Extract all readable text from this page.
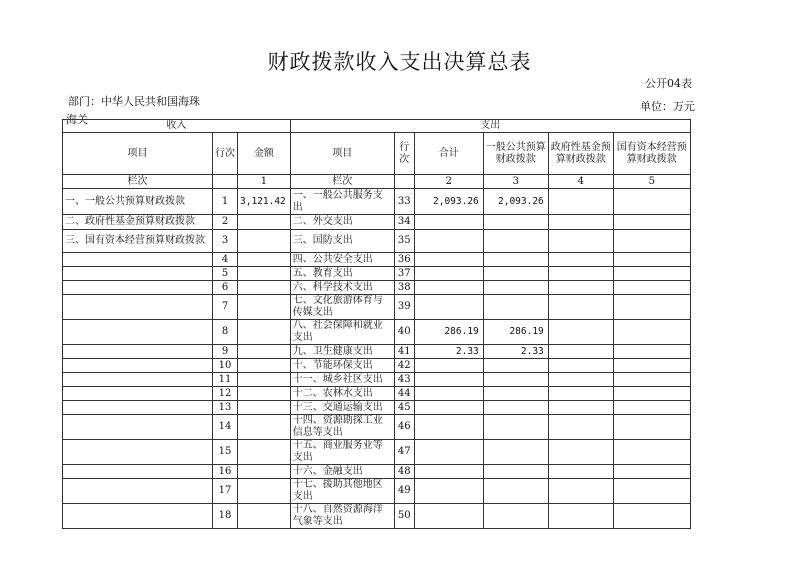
财政拨款收入支出决算总表
公开04表
部门：中华人民共和国海珠
海关
单位：万元
收入			支出					
项目	行次	金额	项目	行次	合计	一般公共预算财政拨款	政府性基金预算财政拨款	国有资本经营预算财政拨款
栏次		1	栏次		2	3	4	5
一、一般公共预算财政拨款	1	3,121.42	一、一般公共服务支出	33	2,093.26	2,093.26		
二、政府性基金预算财政拨款	2		二、外交支出	34				
三、国有资本经营预算财政拨款	3		三、国防支出	35				
	4		四、公共安全支出	36				
	5		五、教育支出	37				
	6		六、科学技术支出	38				
	7		七、文化旅游体育与传媒支出	39				
	8		八、社会保障和就业支出	40	286.19	286.19		
	9		九、卫生健康支出	41	2.33	2.33		
	10		十、节能环保支出	42				
	11		十一、城乡社区支出	43				
	12		十二、农林水支出	44				
	13		十三、交通运输支出	45				
	14		十四、资源勘探工业信息等支出	46				
	15		十五、商业服务业等支出	47				
	16		十六、金融支出	48				
	17		十七、援助其他地区支出	49				
	18		十八、自然资源海洋气象等支出	50				
